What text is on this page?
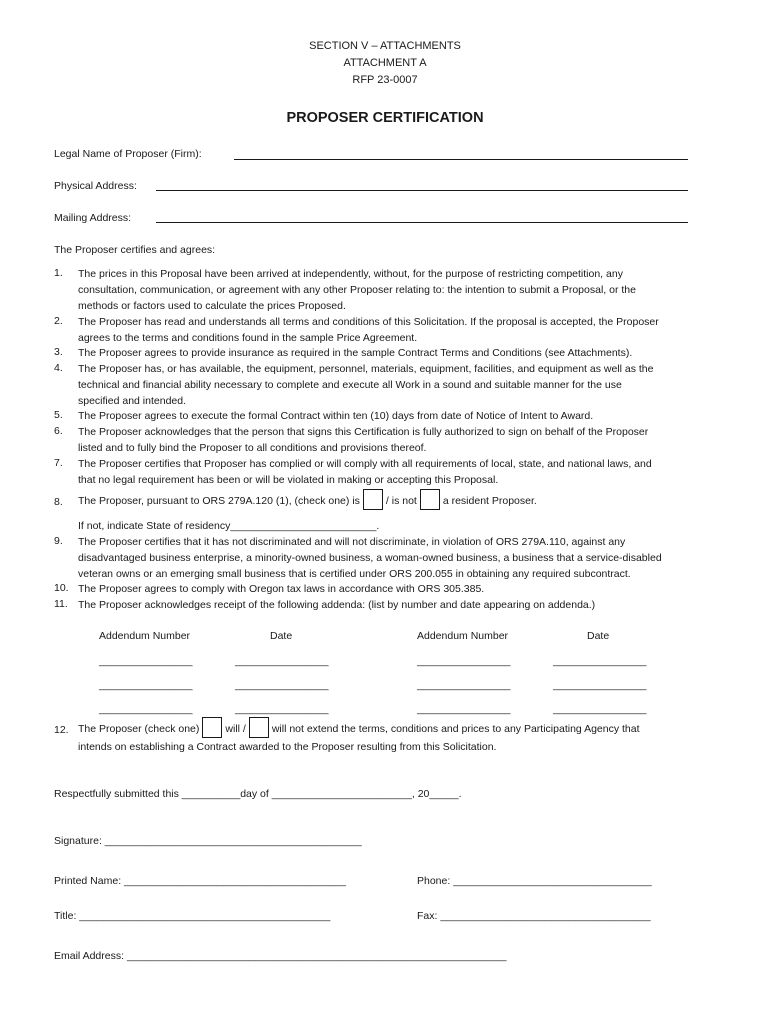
SECTION V – ATTACHMENTS
ATTACHMENT A
RFP 23-0007
PROPOSER CERTIFICATION
Legal Name of Proposer (Firm):
Physical Address:
Mailing Address:
The Proposer certifies and agrees:
1. The prices in this Proposal have been arrived at independently, without, for the purpose of restricting competition, any
consultation, communication, or agreement with any other Proposer relating to: the intention to submit a Proposal, or the
methods or factors used to calculate the prices Proposed.
2. The Proposer has read and understands all terms and conditions of this Solicitation. If the proposal is accepted, the Proposer
agrees to the terms and conditions found in the sample Price Agreement.
3. The Proposer agrees to provide insurance as required in the sample Contract Terms and Conditions (see Attachments).
4. The Proposer has, or has available, the equipment, personnel, materials, equipment, facilities, and equipment as well as the
technical and financial ability necessary to complete and execute all Work in a sound and suitable manner for the use
specified and intended.
5. The Proposer agrees to execute the formal Contract within ten (10) days from date of Notice of Intent to Award.
6. The Proposer acknowledges that the person that signs this Certification is fully authorized to sign on behalf of the Proposer
listed and to fully bind the Proposer to all conditions and provisions thereof.
7. The Proposer certifies that Proposer has complied or will comply with all requirements of local, state, and national laws, and
that no legal requirement has been or will be violated in making or accepting this Proposal.
8. The Proposer, pursuant to ORS 279A.120 (1), (check one) is / is not a resident Proposer.
If not, indicate State of residency_________________________.
9. The Proposer certifies that it has not discriminated and will not discriminate, in violation of ORS 279A.110, against any
disadvantaged business enterprise, a minority-owned business, a woman-owned business, a business that a service-disabled
veteran owns or an emerging small business that is certified under ORS 200.055 in obtaining any required subcontract.
10. The Proposer agrees to comply with Oregon tax laws in accordance with ORS 305.385.
11. The Proposer acknowledges receipt of the following addenda: (list by number and date appearing on addenda.)
Addendum Number	Date	Addendum Number	Date
________________	________________	________________	________________
________________	________________	________________	________________
________________	________________	________________	________________
12. The Proposer (check one) will / will not extend the terms, conditions and prices to any Participating Agency that
intends on establishing a Contract awarded to the Proposer resulting from this Solicitation.
Respectfully submitted this __________day of ________________________, 20_____.
Signature: ____________________________________________
Printed Name: ______________________________________	Phone: __________________________________
Title: ___________________________________________	Fax: ____________________________________
Email Address: _________________________________________________________________
